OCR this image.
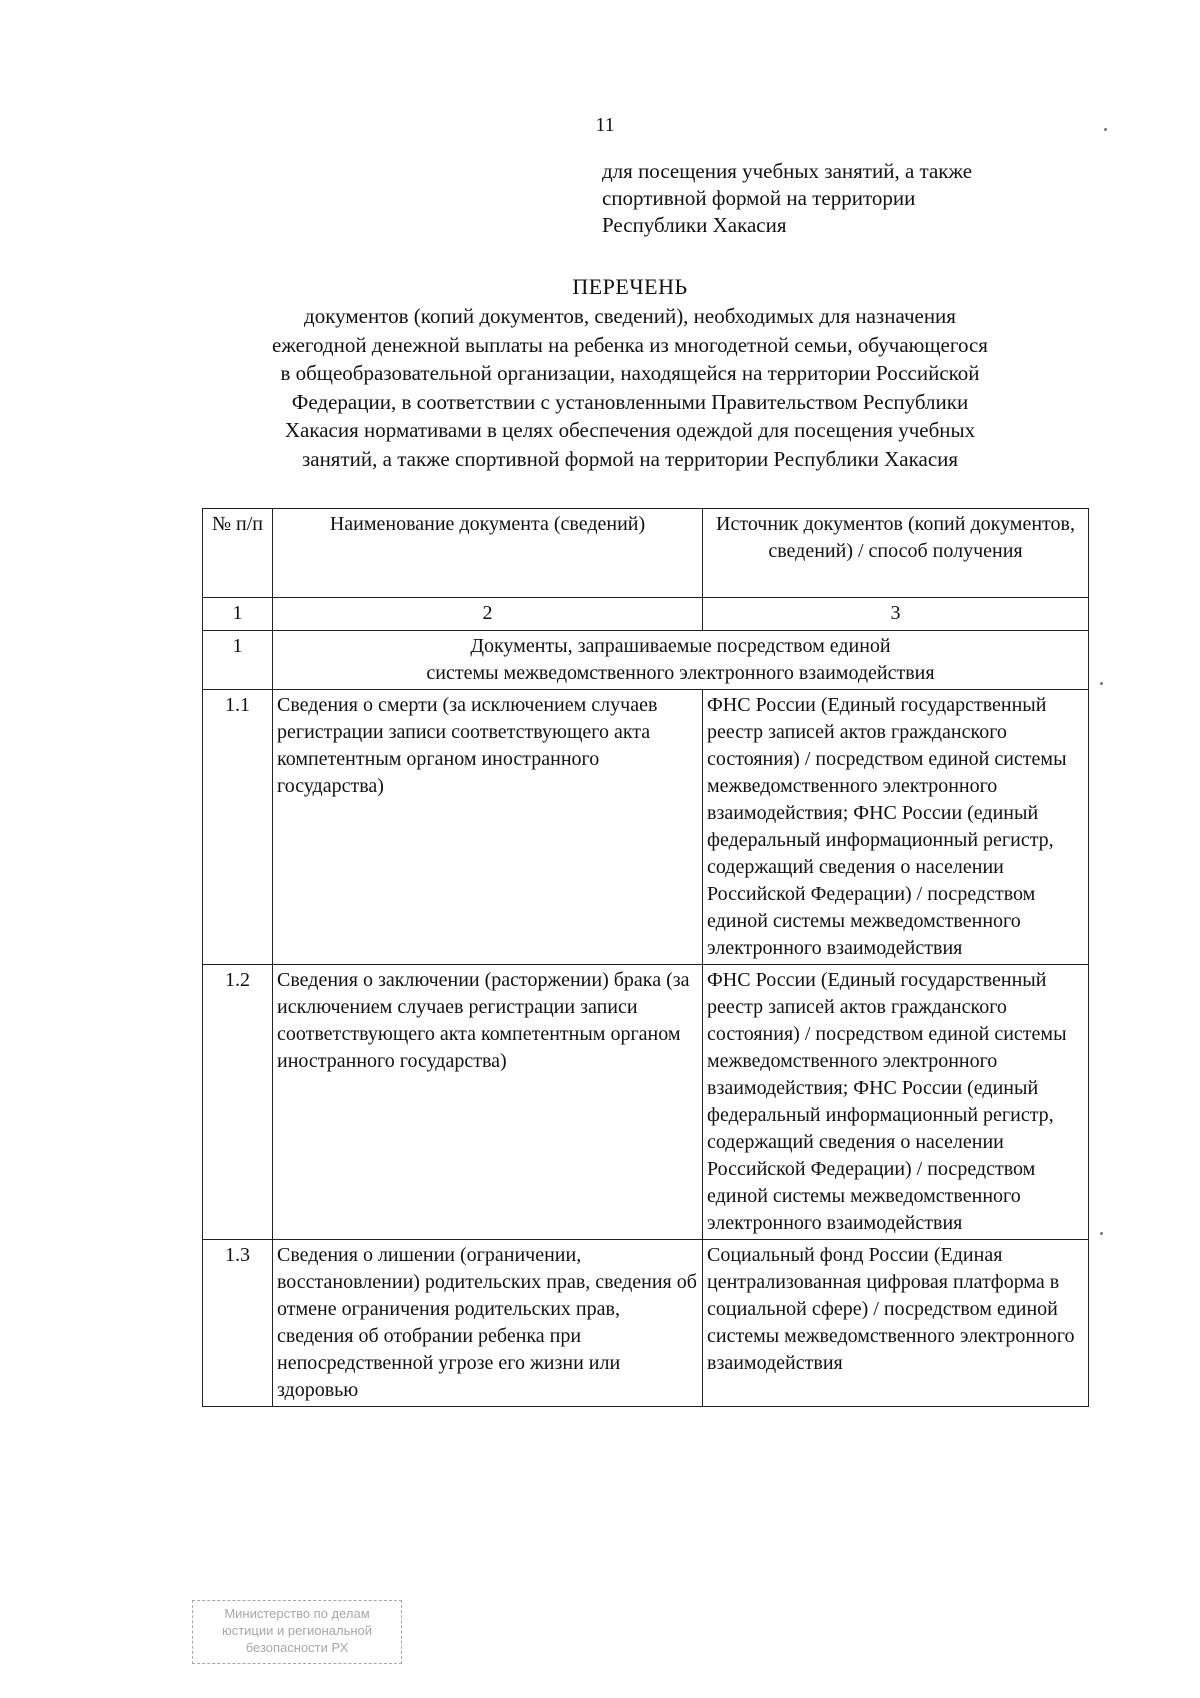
11
для посещения учебных занятий, а также
спортивной формой на территории
Республики Хакасия
ПЕРЕЧЕНЬ
документов (копий документов, сведений), необходимых для назначения
ежегодной денежной выплаты на ребенка из многодетной семьи, обучающегося
в общеобразовательной организации, находящейся на территории Российской
Федерации, в соответствии с установленными Правительством Республики
Хакасия нормативами в целях обеспечения одеждой для посещения учебных
занятий, а также спортивной формой на территории Республики Хакасия
№ п/п	Наименование документа (сведений)	Источник документов (копий документов, сведений) / способ получения
1	2	3
1	Документы, запрашиваемые посредством единой
системы межведомственного электронного взаимодействия	

1.1	Сведения о смерти (за исключением случаев регистрации записи соответствующего акта компетентным органом иностранного государства)	ФНС России (Единый государственный реестр записей актов гражданского состояния) / посредством единой системы межведомственного электронного взаимодействия; ФНС России (единый федеральный информационный регистр, содержащий сведения о населении Российской Федерации) / посредством единой системы межведомственного электронного взаимодействия
1.2	Сведения о заключении (расторжении) брака (за исключением случаев регистрации записи соответствующего акта компетентным органом иностранного государства)	ФНС России (Единый государственный реестр записей актов гражданского состояния) / посредством единой системы межведомственного электронного взаимодействия; ФНС России (единый федеральный информационный регистр, содержащий сведения о населении Российской Федерации) / посредством единой системы межведомственного электронного взаимодействия
1.3	Сведения о лишении (ограничении, восстановлении) родительских прав, сведения об отмене ограничения родительских прав, сведения об отобрании ребенка при непосредственной угрозе его жизни или здоровью	Социальный фонд России (Единая централизованная цифровая платформа в социальной сфере) / посредством единой системы межведомственного электронного взаимодействия
Министерство по делам
юстиции и региональной
безопасности РХ
